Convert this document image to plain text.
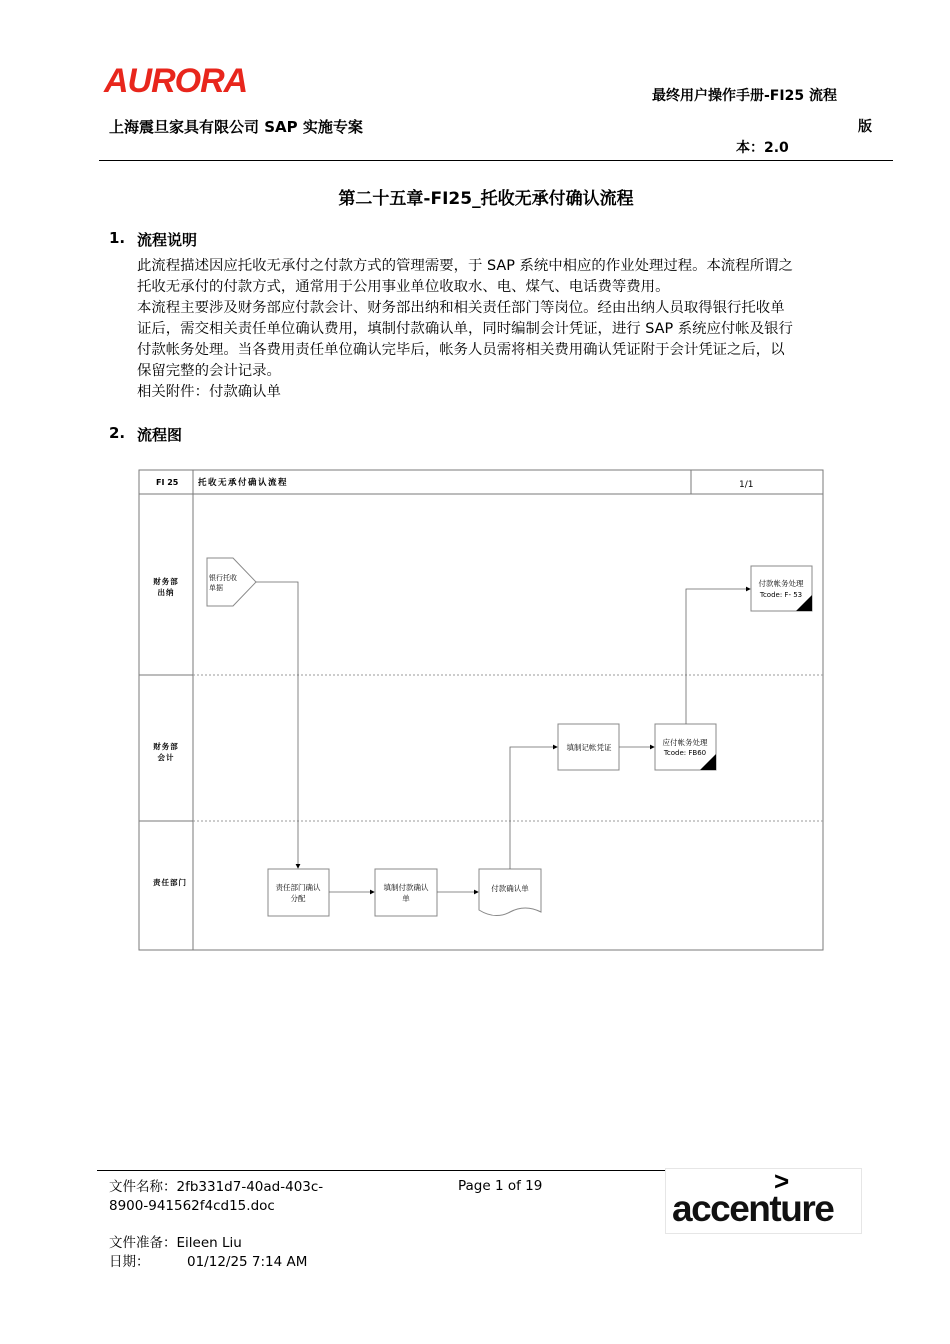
AURORA
上海震旦家具有限公司 SAP 实施专案
最终用户操作手册-FI25 流程
版
本：2.0
第二十五章-FI25_托收无承付确认流程
1. 流程说明
此流程描述因应托收无承付之付款方式的管理需要，于 SAP 系统中相应的作业处理过程。本流程所谓之
托收无承付的付款方式，通常用于公用事业单位收取水、电、煤气、电话费等费用。
本流程主要涉及财务部应付款会计、财务部出纳和相关责任部门等岗位。经由出纳人员取得银行托收单
证后，需交相关责任单位确认费用，填制付款确认单，同时编制会计凭证，进行 SAP 系统应付帐及银行
付款帐务处理。当各费用责任单位确认完毕后，帐务人员需将相关费用确认凭证附于会计凭证之后，以
保留完整的会计记录。
相关附件：付款确认单
2. 流程图
FI 25 托收无承付确认流程	1/1
财务部
出纳
财务部
会计
责任部门
银行托收
单据
责任部门确认
分配
填制付款确认
单
付款确认单
填制记帐凭证
应付帐务处理
Tcode: FB60
付款帐务处理
Tcode: F- 53
文件名称：2fb331d7-40ad-403c-
8900-941562f4cd15.doc
Page 1 of 19
文件准备：Eileen Liu
日期：	01/12/25 7:14 AM
>
accenture
